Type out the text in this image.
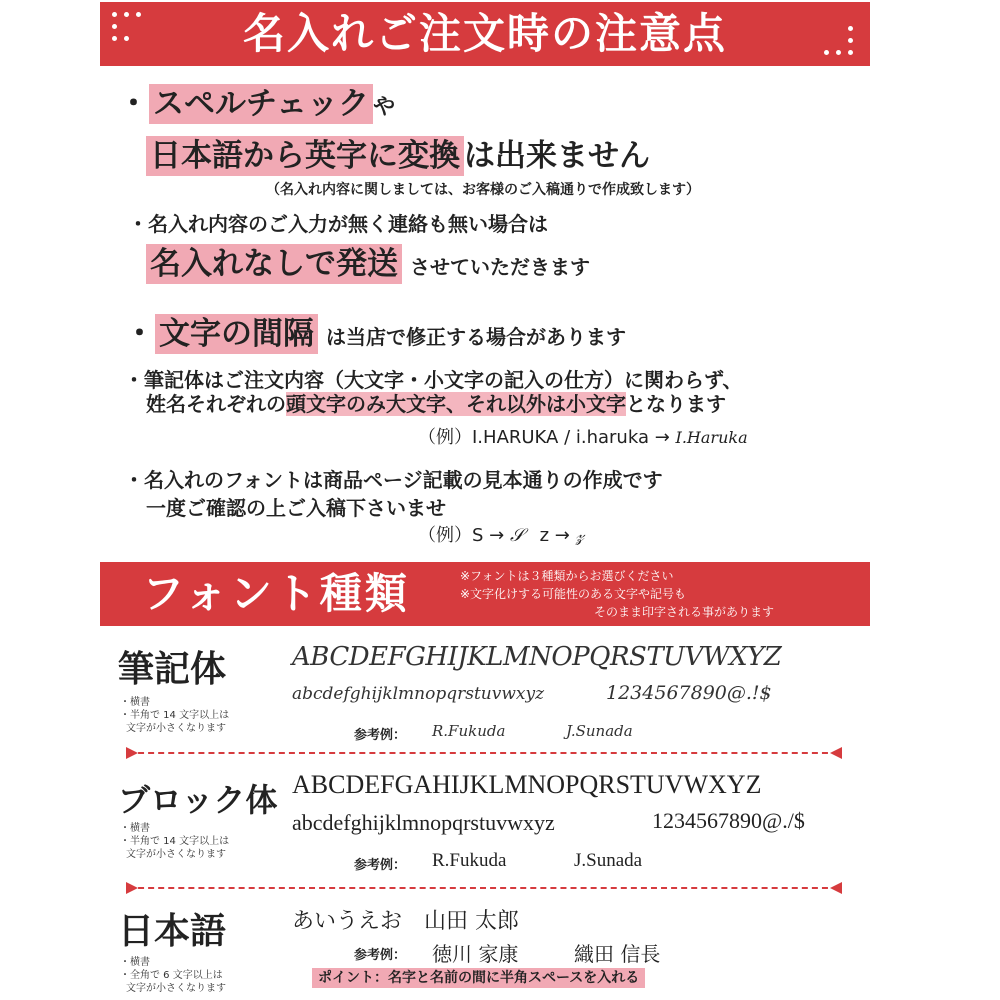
名入れご注文時の注意点
・ スペルチェック や
日本語から英字に変換 は出来ません
（名入れ内容に関しましては、お客様のご入稿通りで作成致します）
・名入れ内容のご入力が無く連絡も無い場合は
名入れなしで発送 させていただきます
・ 文字の間隔 は当店で修正する場合があります
・筆記体はご注文内容（大文字・小文字の記入の仕方）に関わらず、
姓名それぞれの頭文字のみ大文字、それ以外は小文字となります
（例）I.HARUKA / i.haruka → I.Haruka
・名入れのフォントは商品ページ記載の見本通りの作成です
一度ご確認の上ご入稿下さいませ
（例）S → 𝒮 z → 𝓏
フォント種類	※フォントは３種類からお選びください
※文字化けする可能性のある文字や記号も
そのまま印字される事があります
筆記体
・横書
・半角で 14 文字以上は
文字が小さくなります
ABCDEFGHIJKLMNOPQRSTUVWXYZ
abcdefghijklmnopqrstuvwxyz	1234567890@.!$
参考例： R.Fukuda	J.Sunada
ブロック体
・横書
・半角で 14 文字以上は
文字が小さくなります
ABCDEFGAHIJKLMNOPQRSTUVWXYZ
abcdefghijklmnopqrstuvwxyz	1234567890@./$
参考例： R.Fukuda	J.Sunada
日本語
・横書
・全角で 6 文字以上は
文字が小さくなります
あいうえお　山田 太郎
参考例： 徳川 家康	織田 信長
ポイント：名字と名前の間に半角スペースを入れる
